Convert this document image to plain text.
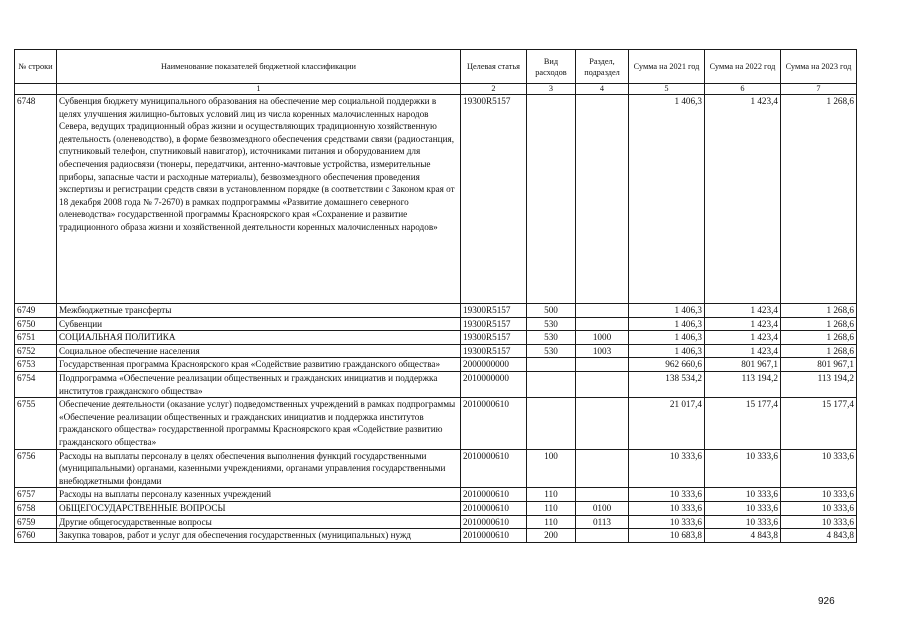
№ строки	Наименование показателей бюджетной классификации	Целевая статья	Вид расходов	Раздел, подраздел	Сумма на 2021 год	Сумма на 2022 год	Сумма на 2023 год
	1	2	3	4	5	6	7
6748	Субвенция бюджету муниципального образования на обеспечение мер социальной поддержки в целях улучшения жилищно-бытовых условий лиц из числа коренных малочисленных народов Севера, ведущих традиционный образ жизни и осуществляющих традиционную хозяйственную деятельность (оленеводство), в форме безвозмездного обеспечения средствами связи (радиостанция, спутниковый телефон, спутниковый навигатор), источниками питания и оборудованием для обеспечения радиосвязи (тюнеры, передатчики, антенно-мачтовые устройства, измерительные приборы, запасные части и расходные материалы), безвозмездного обеспечения проведения экспертизы и регистрации средств связи в установленном порядке (в соответствии с Законом края от 18 декабря 2008 года № 7-2670) в рамках подпрограммы «Развитие домашнего северного оленеводства» государственной программы Красноярского края «Сохранение и развитие традиционного образа жизни и хозяйственной деятельности коренных малочисленных народов»	19300R5157			1 406,3	1 423,4	1 268,6
6749	Межбюджетные трансферты	19300R5157	500		1 406,3	1 423,4	1 268,6
6750	Субвенции	19300R5157	530		1 406,3	1 423,4	1 268,6
6751	СОЦИАЛЬНАЯ ПОЛИТИКА	19300R5157	530	1000	1 406,3	1 423,4	1 268,6
6752	Социальное обеспечение населения	19300R5157	530	1003	1 406,3	1 423,4	1 268,6
6753	Государственная программа Красноярского края «Содействие развитию гражданского общества»	2000000000			962 660,6	801 967,1	801 967,1
6754	Подпрограмма «Обеспечение реализации общественных и гражданских инициатив и поддержка институтов гражданского общества»	2010000000			138 534,2	113 194,2	113 194,2
6755	Обеспечение деятельности (оказание услуг) подведомственных учреждений в рамках подпрограммы «Обеспечение реализации общественных и гражданских инициатив и поддержка институтов гражданского общества» государственной программы Красноярского края «Содействие развитию гражданского общества»	2010000610			21 017,4	15 177,4	15 177,4
6756	Расходы на выплаты персоналу в целях обеспечения выполнения функций государственными (муниципальными) органами, казенными учреждениями, органами управления государственными внебюджетными фондами	2010000610	100		10 333,6	10 333,6	10 333,6
6757	Расходы на выплаты персоналу казенных учреждений	2010000610	110		10 333,6	10 333,6	10 333,6
6758	ОБЩЕГОСУДАРСТВЕННЫЕ ВОПРОСЫ	2010000610	110	0100	10 333,6	10 333,6	10 333,6
6759	Другие общегосударственные вопросы	2010000610	110	0113	10 333,6	10 333,6	10 333,6
6760	Закупка товаров, работ и услуг для обеспечения государственных (муниципальных) нужд	2010000610	200		10 683,8	4 843,8	4 843,8
926
